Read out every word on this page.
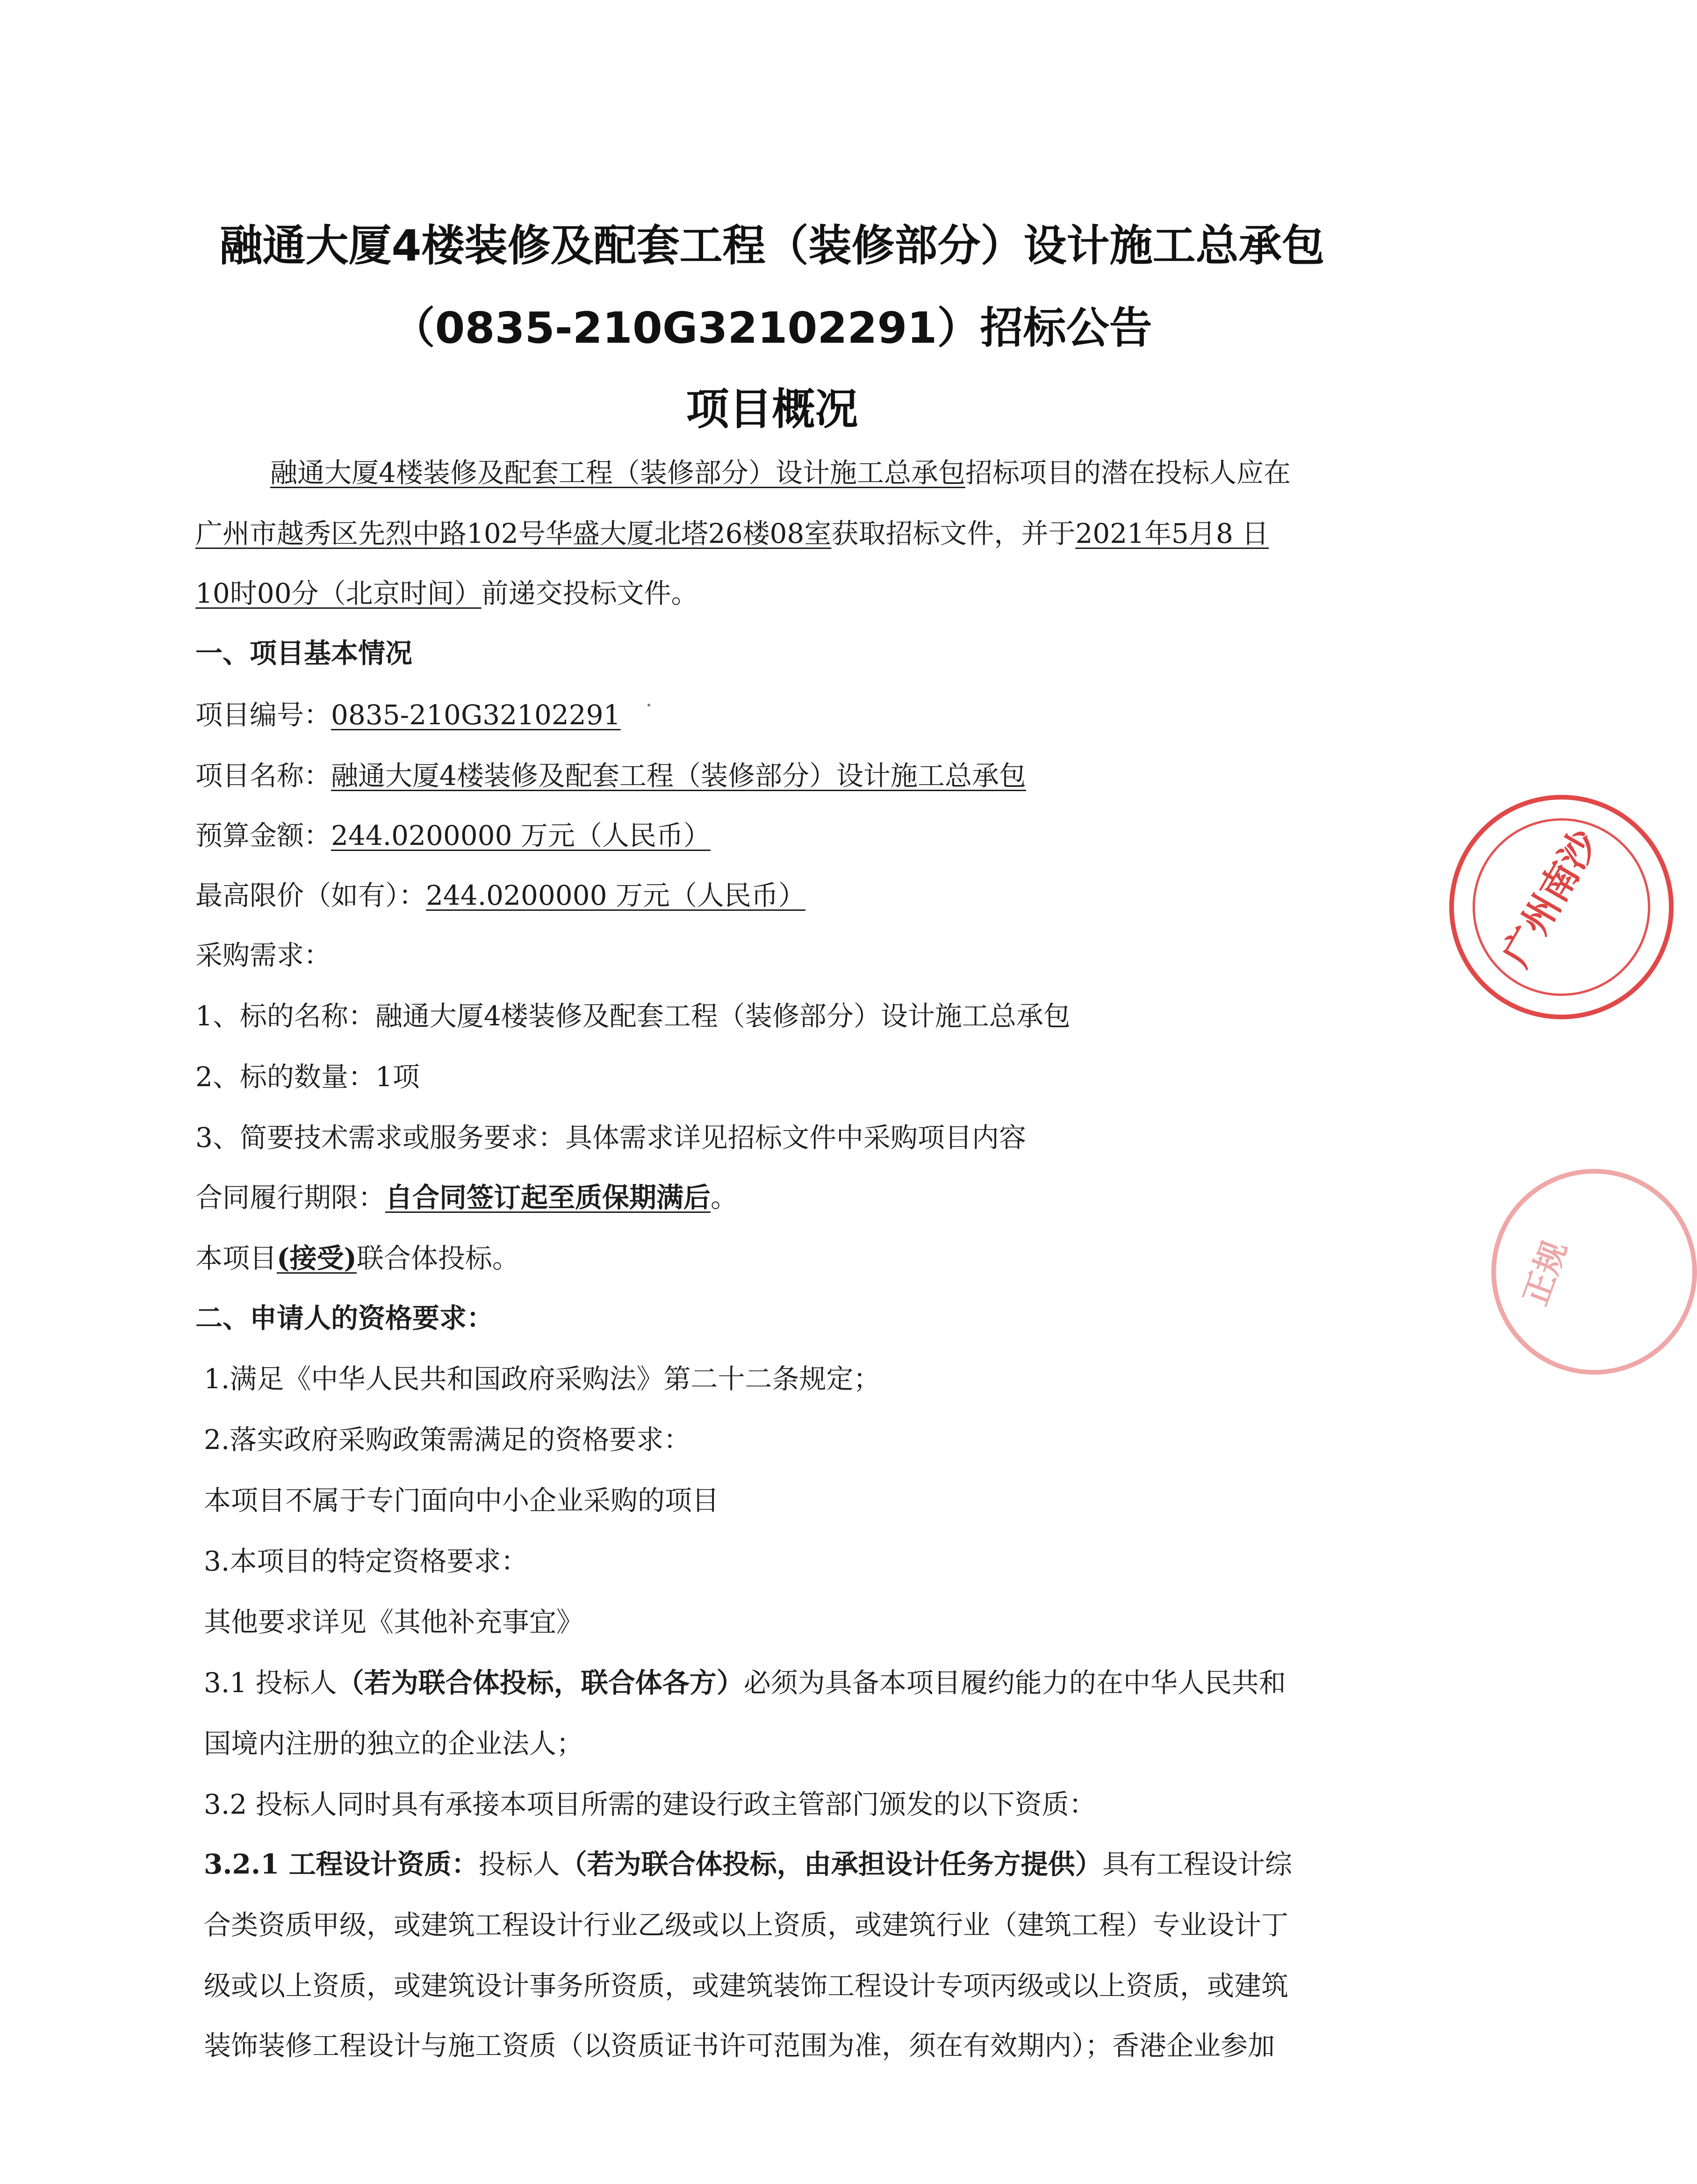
融通大厦4楼装修及配套工程（装修部分）设计施工总承包
（0835-210G32102291）招标公告
项目概况
融通大厦4楼装修及配套工程（装修部分）设计施工总承包招标项目的潜在投标人应在
广州市越秀区先烈中路102号华盛大厦北塔26楼08室获取招标文件，并于2021年5月8 日
10时00分（北京时间）前递交投标文件。
一、项目基本情况
项目编号：0835-210G32102291
项目名称：融通大厦4楼装修及配套工程（装修部分）设计施工总承包
预算金额：244.0200000 万元（人民币）
最高限价（如有）：244.0200000 万元（人民币）
采购需求：
1、标的名称：融通大厦4楼装修及配套工程（装修部分）设计施工总承包
2、标的数量：1项
3、简要技术需求或服务要求：具体需求详见招标文件中采购项目内容
合同履行期限：自合同签订起至质保期满后。
本项目(接受)联合体投标。
二、申请人的资格要求：
1.满足《中华人民共和国政府采购法》第二十二条规定；
2.落实政府采购政策需满足的资格要求：
本项目不属于专门面向中小企业采购的项目
3.本项目的特定资格要求：
其他要求详见《其他补充事宜》
3.1 投标人（若为联合体投标，联合体各方）必须为具备本项目履约能力的在中华人民共和
国境内注册的独立的企业法人；
3.2 投标人同时具有承接本项目所需的建设行政主管部门颁发的以下资质：
3.2.1 工程设计资质：投标人（若为联合体投标，由承担设计任务方提供）具有工程设计综
合类资质甲级，或建筑工程设计行业乙级或以上资质，或建筑行业（建筑工程）专业设计丁
级或以上资质，或建筑设计事务所资质，或建筑装饰工程设计专项丙级或以上资质，或建筑
装饰装修工程设计与施工资质（以资质证书许可范围为准，须在有效期内）；香港企业参加
广州南沙
正规
